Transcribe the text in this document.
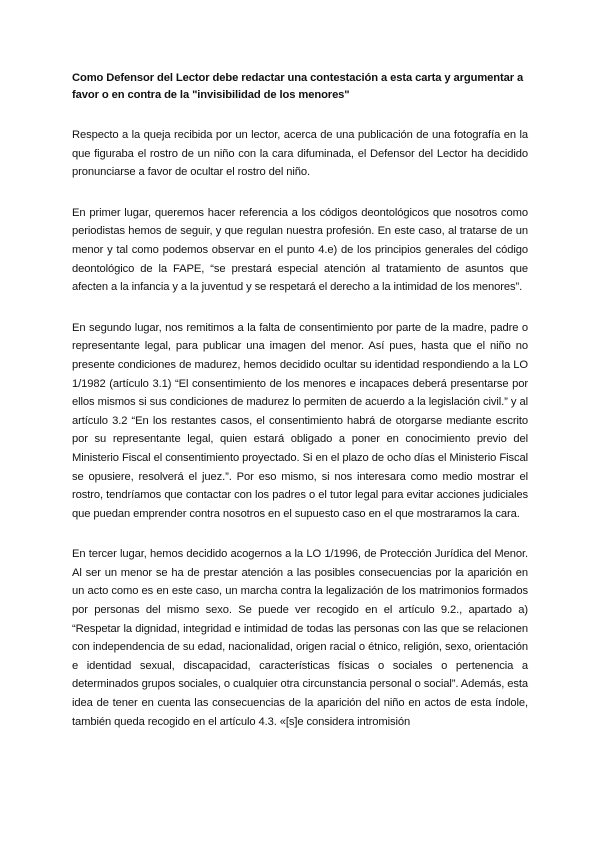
Como Defensor del Lector debe redactar una contestación a esta carta y argumentar a favor o en contra de la "invisibilidad de los menores"

Respecto a la queja recibida por un lector, acerca de una publicación de una fotografía en la que figuraba el rostro de un niño con la cara difuminada, el Defensor del Lector ha decidido pronunciarse a favor de ocultar el rostro del niño.

En primer lugar, queremos hacer referencia a los códigos deontológicos que nosotros como periodistas hemos de seguir, y que regulan nuestra profesión. En este caso, al tratarse de un menor y tal como podemos observar en el punto 4.e) de los principios generales del código deontológico de la FAPE, “se prestará especial atención al tratamiento de asuntos que afecten a la infancia y a la juventud y se respetará el derecho a la intimidad de los menores”.

En segundo lugar, nos remitimos a la falta de consentimiento por parte de la madre, padre o representante legal, para publicar una imagen del menor. Así pues, hasta que el niño no presente condiciones de madurez, hemos decidido ocultar su identidad respondiendo a la LO 1/1982 (artículo 3.1) “El consentimiento de los menores e incapaces deberá presentarse por ellos mismos si sus condiciones de madurez lo permiten de acuerdo a la legislación civil.” y al artículo 3.2 “En los restantes casos, el consentimiento habrá de otorgarse mediante escrito por su representante legal, quien estará obligado a poner en conocimiento previo del Ministerio Fiscal el consentimiento proyectado. Si en el plazo de ocho días el Ministerio Fiscal se opusiere, resolverá el juez.”. Por eso mismo, si nos interesara como medio mostrar el rostro, tendríamos que contactar con los padres o el tutor legal para evitar acciones judiciales que puedan emprender contra nosotros en el supuesto caso en el que mostraramos la cara.

En tercer lugar, hemos decidido acogernos a la LO 1/1996, de Protección Jurídica del Menor. Al ser un menor se ha de prestar atención a las posibles consecuencias por la aparición en un acto como es en este caso, un marcha contra la legalización de los matrimonios formados por personas del mismo sexo. Se puede ver recogido en el artículo 9.2., apartado a) “Respetar la dignidad, integridad e intimidad de todas las personas con las que se relacionen con independencia de su edad, nacionalidad, origen racial o étnico, religión, sexo, orientación e identidad sexual, discapacidad, características físicas o sociales o pertenencia a determinados grupos sociales, o cualquier otra circunstancia personal o social”. Además, esta idea de tener en cuenta las consecuencias de la aparición del niño en actos de esta índole, también queda recogido en el artículo 4.3. «[s]e considera intromisión
